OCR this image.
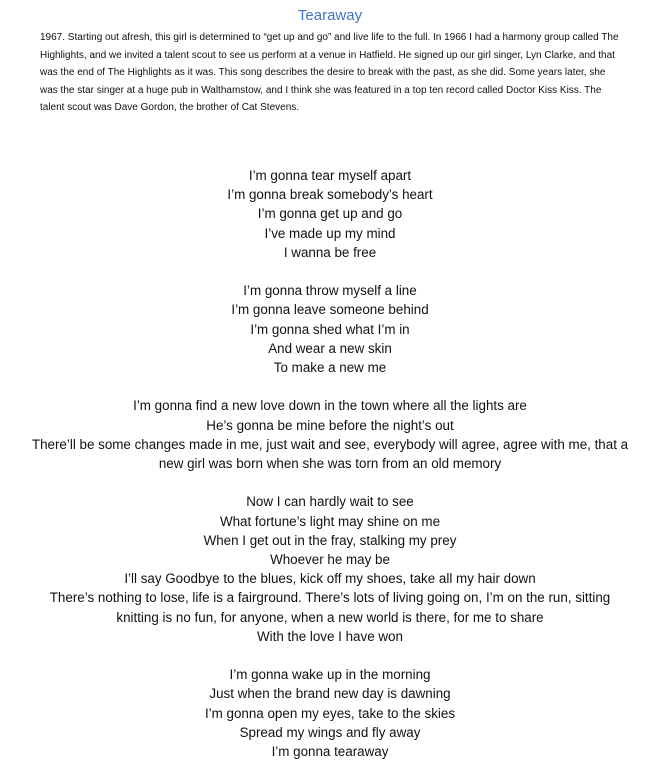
Tearaway
1967. Starting out afresh, this girl is determined to “get up and go” and live life to the full. In 1966 I had a harmony group called The Highlights, and we invited a talent scout to see us perform at a venue in Hatfield. He signed up our girl singer, Lyn Clarke, and that was the end of The Highlights as it was. This song describes the desire to break with the past, as she did. Some years later, she was the star singer at a huge pub in Walthamstow, and I think she was featured in a top ten record called Doctor Kiss Kiss. The talent scout was Dave Gordon, the brother of Cat Stevens.
I’m gonna tear myself apart
I’m gonna break somebody’s heart
I’m gonna get up and go
I’ve made up my mind
I wanna be free
I’m gonna throw myself a line
I’m gonna leave someone behind
I’m gonna shed what I’m in
And wear a new skin
To make a new me
I’m gonna find a new love down in the town where all the lights are
He’s gonna be mine before the night’s out
There’ll be some changes made in me, just wait and see, everybody will agree, agree with me, that a new girl was born when she was torn from an old memory
Now I can hardly wait to see
What fortune’s light may shine on me
When I get out in the fray, stalking my prey
Whoever he may be
I’ll say Goodbye to the blues, kick off my shoes, take all my hair down
There’s nothing to lose, life is a fairground. There’s lots of living going on, I’m on the run, sitting knitting is no fun, for anyone, when a new world is there, for me to share
With the love I have won
I’m gonna wake up in the morning
Just when the brand new day is dawning
I’m gonna open my eyes, take to the skies
Spread my wings and fly away
I’m gonna tearaway
